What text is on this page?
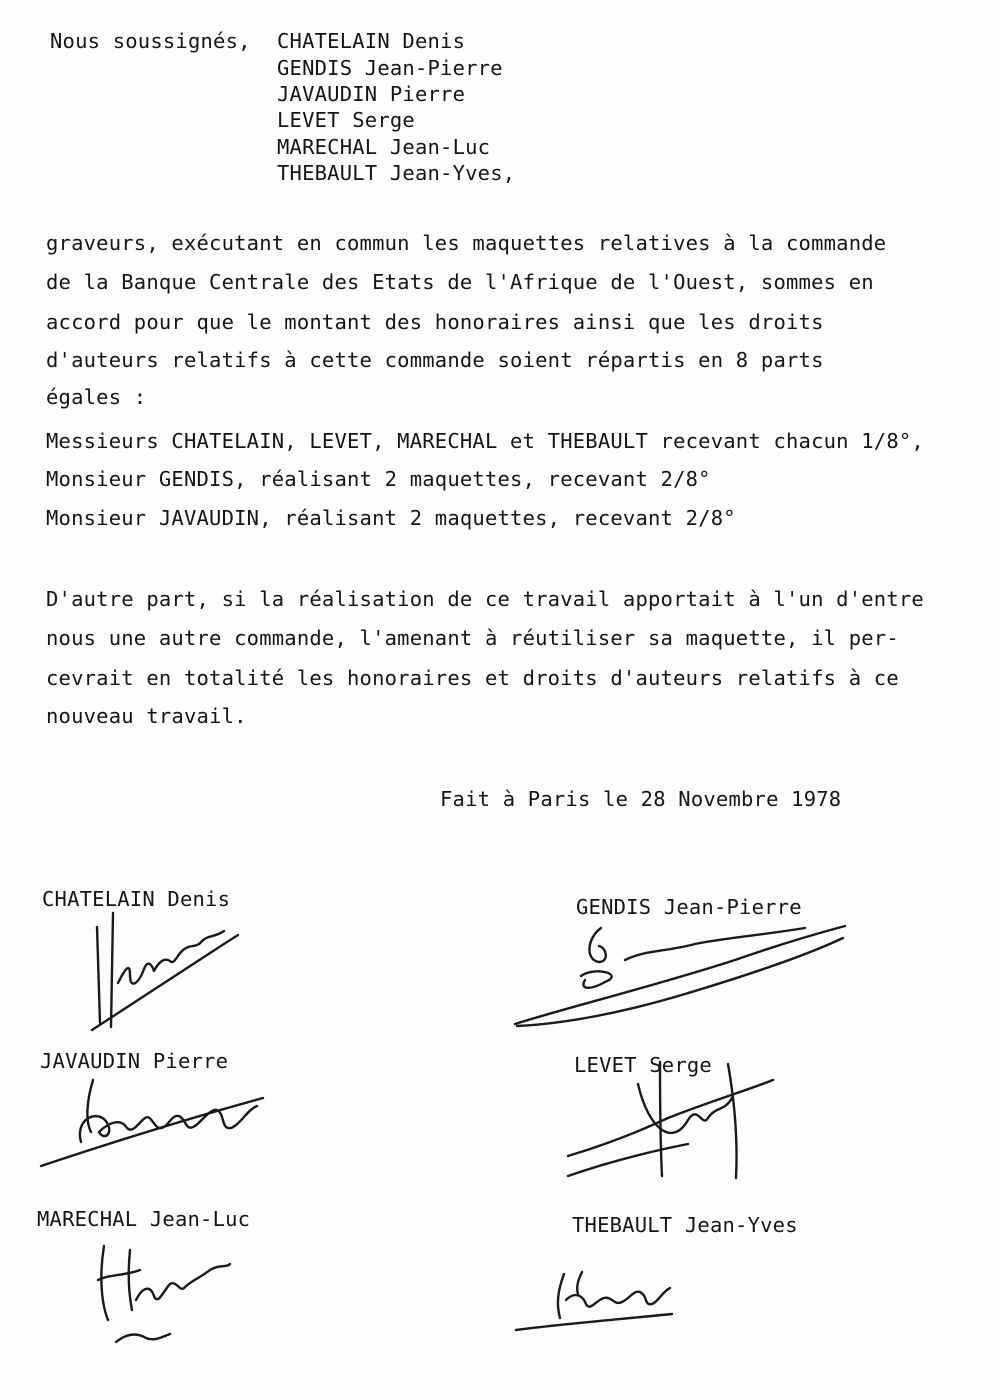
Nous soussignés, CHATELAIN Denis
GENDIS Jean-Pierre
JAVAUDIN Pierre
LEVET Serge
MARECHAL Jean-Luc
THEBAULT Jean-Yves,
graveurs, exécutant en commun les maquettes relatives à la commande
de la Banque Centrale des Etats de l'Afrique de l'Ouest, sommes en
accord pour que le montant des honoraires ainsi que les droits
d'auteurs relatifs à cette commande soient répartis en 8 parts
égales :
Messieurs CHATELAIN, LEVET, MARECHAL et THEBAULT recevant chacun 1/8°,
Monsieur GENDIS, réalisant 2 maquettes, recevant 2/8°
Monsieur JAVAUDIN, réalisant 2 maquettes, recevant 2/8°
D'autre part, si la réalisation de ce travail apportait à l'un d'entre
nous une autre commande, l'amenant à réutiliser sa maquette, il per-
cevrait en totalité les honoraires et droits d'auteurs relatifs à ce
nouveau travail.
Fait à Paris le 28 Novembre 1978
CHATELAIN Denis	GENDIS Jean-Pierre
JAVAUDIN Pierre	LEVET Serge
MARECHAL Jean-Luc	THEBAULT Jean-Yves
